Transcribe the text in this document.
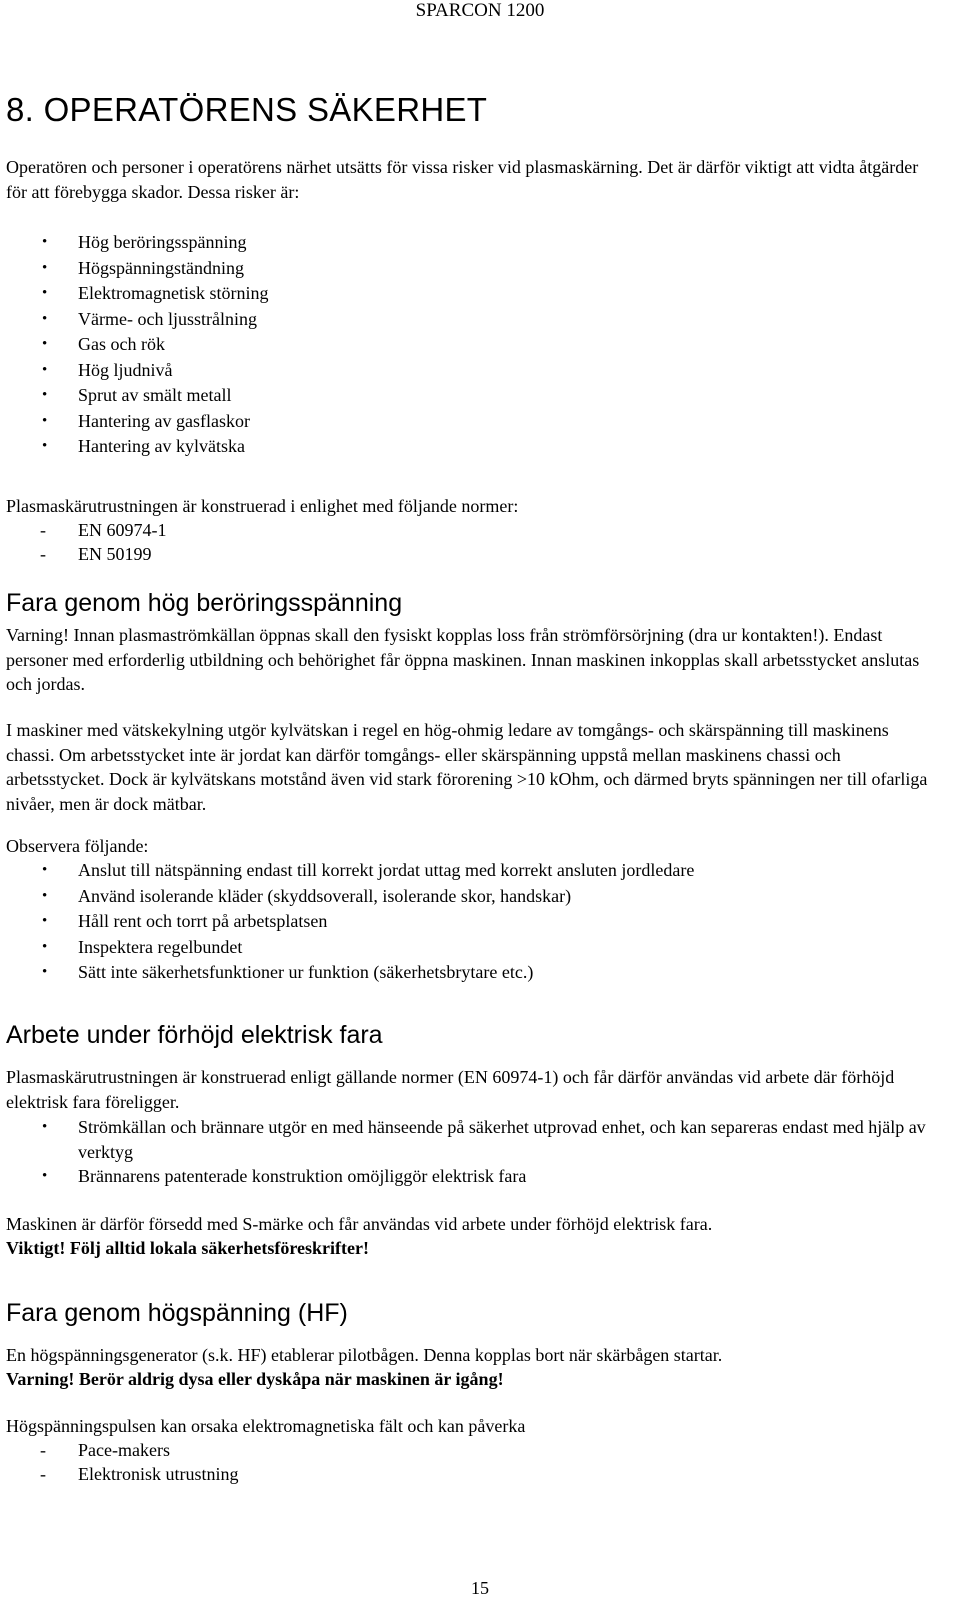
SPARCON 1200
8. OPERATÖRENS SÄKERHET

Operatören och personer i operatörens närhet utsätts för vissa risker vid plasmaskärning. Det är därför viktigt att vidta åtgärder för att förebygga skador. Dessa risker är:

• Hög beröringsspänning
• Högspänningständning
• Elektromagnetisk störning
• Värme- och ljusstrålning
• Gas och rök
• Hög ljudnivå
• Sprut av smält metall
• Hantering av gasflaskor
• Hantering av kylvätska

Plasmaskärutrustningen är konstruerad i enlighet med följande normer:

- EN 60974-1
- EN 50199
Fara genom hög beröringsspänning

Varning! Innan plasmaströmkällan öppnas skall den fysiskt kopplas loss från strömförsörjning (dra ur kontakten!). Endast personer med erforderlig utbildning och behörighet får öppna maskinen. Innan maskinen inkopplas skall arbetsstycket anslutas och jordas.

I maskiner med vätskekylning utgör kylvätskan i regel en hög-ohmig ledare av tomgångs- och skärspänning till maskinens chassi. Om arbetsstycket inte är jordat kan därför tomgångs- eller skärspänning uppstå mellan maskinens chassi och arbetsstycket. Dock är kylvätskans motstånd även vid stark förorening >10 kOhm, och därmed bryts spänningen ner till ofarliga nivåer, men är dock mätbar.

Observera följande:

• Anslut till nätspänning endast till korrekt jordat uttag med korrekt ansluten jordledare
• Använd isolerande kläder (skyddsoverall, isolerande skor, handskar)
• Håll rent och torrt på arbetsplatsen
• Inspektera regelbundet
• Sätt inte säkerhetsfunktioner ur funktion (säkerhetsbrytare etc.)
Arbete under förhöjd elektrisk fara

Plasmaskärutrustningen är konstruerad enligt gällande normer (EN 60974-1) och får därför användas vid arbete där förhöjd elektrisk fara föreligger.

• Strömkällan och brännare utgör en med hänseende på säkerhet utprovad enhet, och kan separeras endast med hjälp av verktyg
• Brännarens patenterade konstruktion omöjliggör elektrisk fara

Maskinen är därför försedd med S-märke och får användas vid arbete under förhöjd elektrisk fara.

Viktigt! Följ alltid lokala säkerhetsföreskrifter!

Fara genom högspänning (HF)

En högspänningsgenerator (s.k. HF) etablerar pilotbågen. Denna kopplas bort när skärbågen startar.

Varning! Berör aldrig dysa eller dyskåpa när maskinen är igång!

Högspänningspulsen kan orsaka elektromagnetiska fält och kan påverka

- Pace-makers
- Elektronisk utrustning
15
